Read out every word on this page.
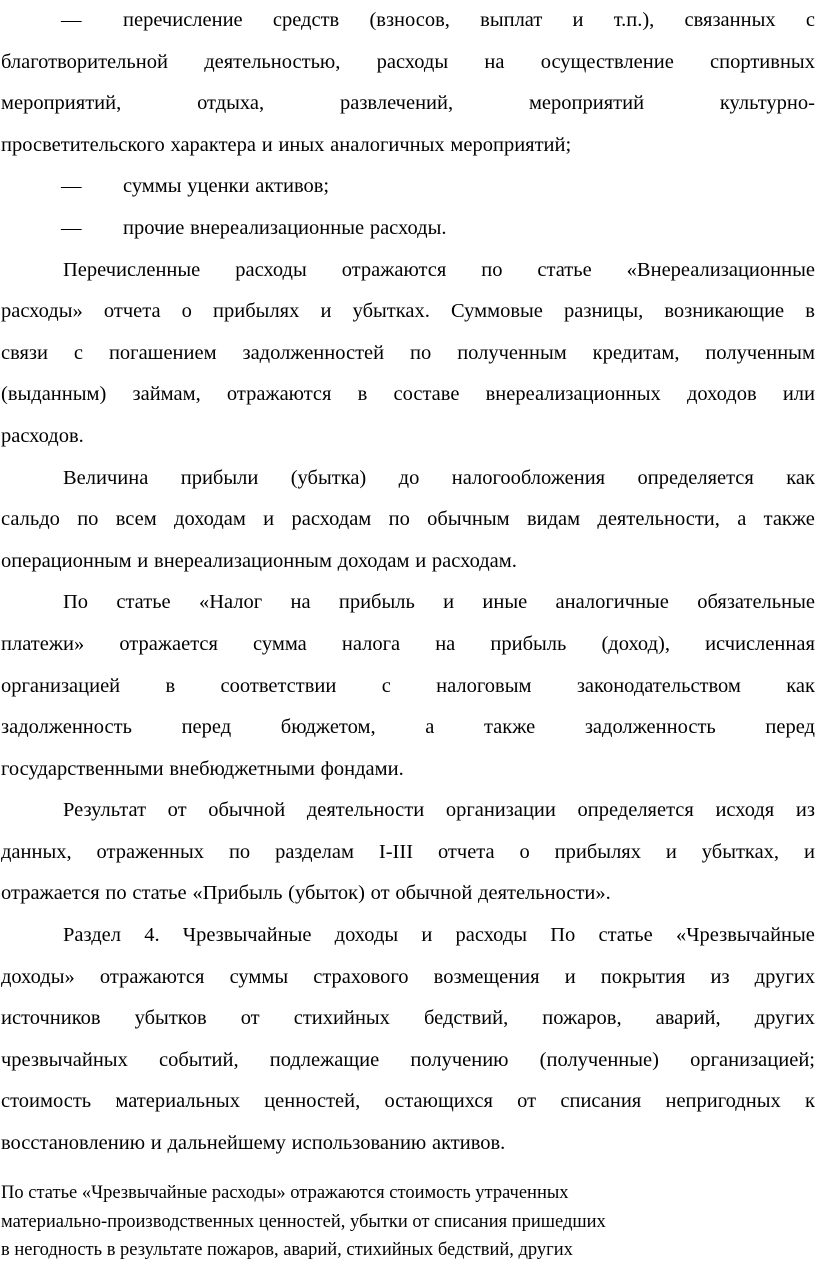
—	перечисление средств (взносов, выплат и т.п.), связанных с
благотворительной деятельностью, расходы на осуществление спортивных
мероприятий,	отдыха,	развлечений,	мероприятий	культурно-
просветительского характера и иных аналогичных мероприятий;
—	суммы уценки активов;
—	прочие внереализационные расходы.
Перечисленные расходы отражаются по статье «Внереализационные
расходы» отчета о прибылях и убытках. Суммовые разницы, возникающие в
связи с погашением задолженностей по полученным кредитам, полученным
(выданным) займам, отражаются в составе внереализационных доходов или
расходов.
Величина прибыли (убытка) до налогообложения определяется как
сальдо по всем доходам и расходам по обычным видам деятельности, а также
операционным и внереализационным доходам и расходам.
По статье «Налог на прибыль и иные аналогичные обязательные
платежи» отражается сумма налога на прибыль (доход), исчисленная
организацией в соответствии с налоговым законодательством как
задолженность перед бюджетом, а также задолженность перед
государственными внебюджетными фондами.
Результат от обычной деятельности организации определяется исходя из
данных, отраженных по разделам I-III отчета о прибылях и убытках, и
отражается по статье «Прибыль (убыток) от обычной деятельности».
Раздел 4. Чрезвычайные доходы и расходы По статье «Чрезвычайные
доходы» отражаются суммы страхового возмещения и покрытия из других
источников убытков от стихийных бедствий, пожаров, аварий, других
чрезвычайных событий, подлежащие получению (полученные) организацией;
стоимость материальных ценностей, остающихся от списания непригодных к
восстановлению и дальнейшему использованию активов.
По статье «Чрезвычайные расходы» отражаются стоимость утраченных
материально-производственных ценностей, убытки от списания пришедших
в негодность в результате пожаров, аварий, стихийных бедствий, других
